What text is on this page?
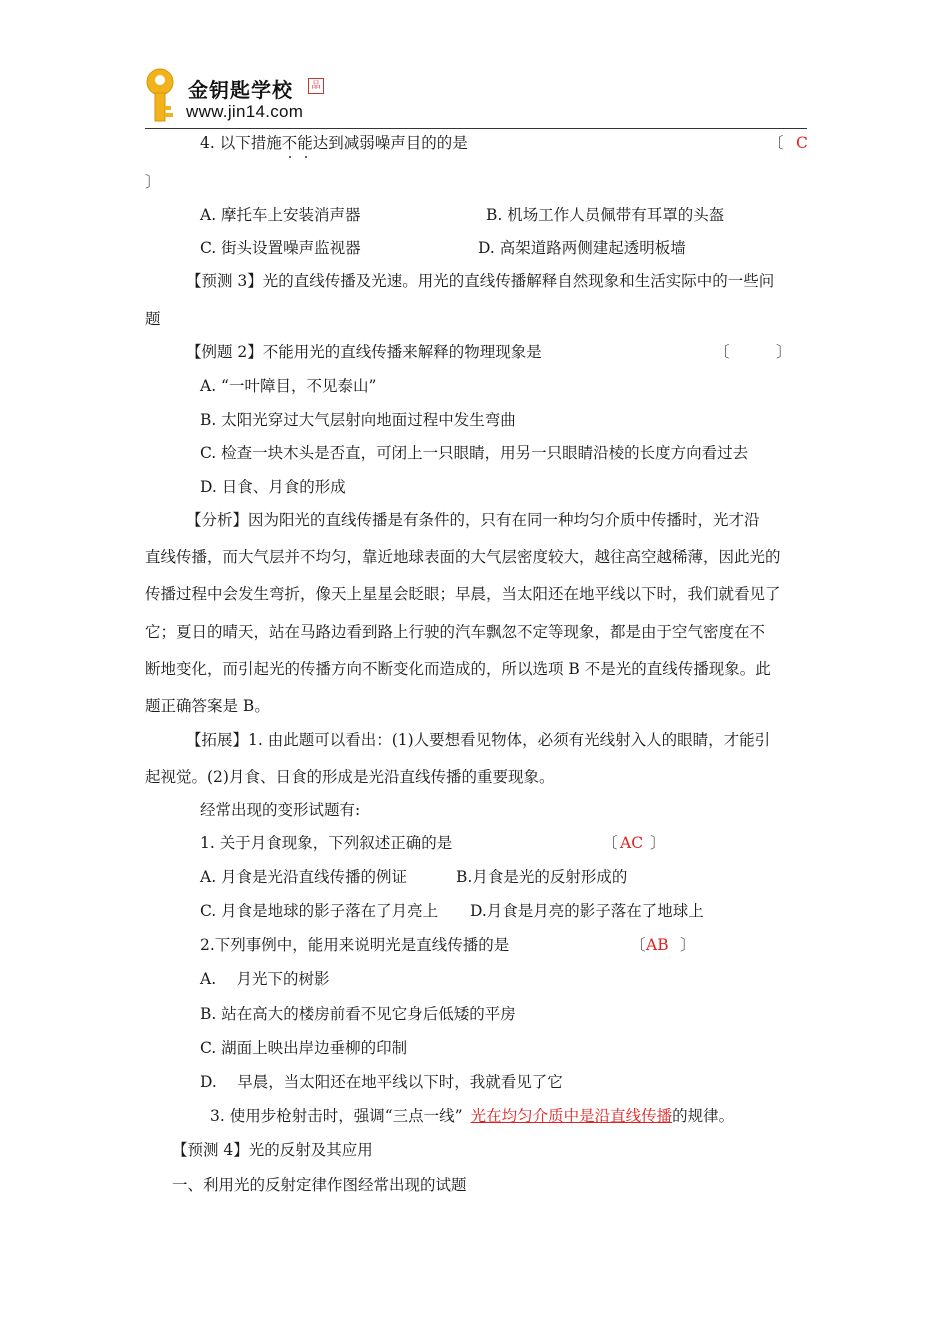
金钥匙学校	品
www.jin14.com
4. 以下措施不能达到减弱噪声目的的是	〔 C
〕
A. 摩托车上安装消声器	B. 机场工作人员佩带有耳罩的头盔
C. 街头设置噪声监视器	D. 高架道路两侧建起透明板墙
【预测 3】光的直线传播及光速。用光的直线传播解释自然现象和生活实际中的一些问
题
【例题 2】不能用光的直线传播来解释的物理现象是	〔　　　〕
A. “一叶障目，不见泰山”
B. 太阳光穿过大气层射向地面过程中发生弯曲
C. 检查一块木头是否直，可闭上一只眼睛，用另一只眼睛沿棱的长度方向看过去
D. 日食、月食的形成
【分析】因为阳光的直线传播是有条件的，只有在同一种均匀介质中传播时，光才沿
直线传播，而大气层并不均匀，靠近地球表面的大气层密度较大，越往高空越稀薄，因此光的
传播过程中会发生弯折，像天上星星会眨眼；早晨，当太阳还在地平线以下时，我们就看见了
它；夏日的晴天，站在马路边看到路上行驶的汽车飘忽不定等现象，都是由于空气密度在不
断地变化，而引起光的传播方向不断变化而造成的，所以选项 B 不是光的直线传播现象。此
题正确答案是 B。
【拓展】1. 由此题可以看出：(1)人要想看见物体，必须有光线射入人的眼睛，才能引
起视觉。(2)月食、日食的形成是光沿直线传播的重要现象。
经常出现的变形试题有:
1. 关于月食现象，下列叙述正确的是	〔 AC 〕
A. 月食是光沿直线传播的例证	B.月食是光的反射形成的
C. 月食是地球的影子落在了月亮上 D.月食是月亮的影子落在了地球上
2.下列事例中，能用来说明光是直线传播的是	〔 AB 〕
A.　 月光下的树影
B. 站在高大的楼房前看不见它身后低矮的平房
C. 湖面上映出岸边垂柳的印制
D.　 早晨，当太阳还在地平线以下时，我就看见了它
3. 使用步枪射击时，强调“三点一线” 光在均匀介质中是沿直线传播的规律。
【预测 4】光的反射及其应用
一、利用光的反射定律作图经常出现的试题
